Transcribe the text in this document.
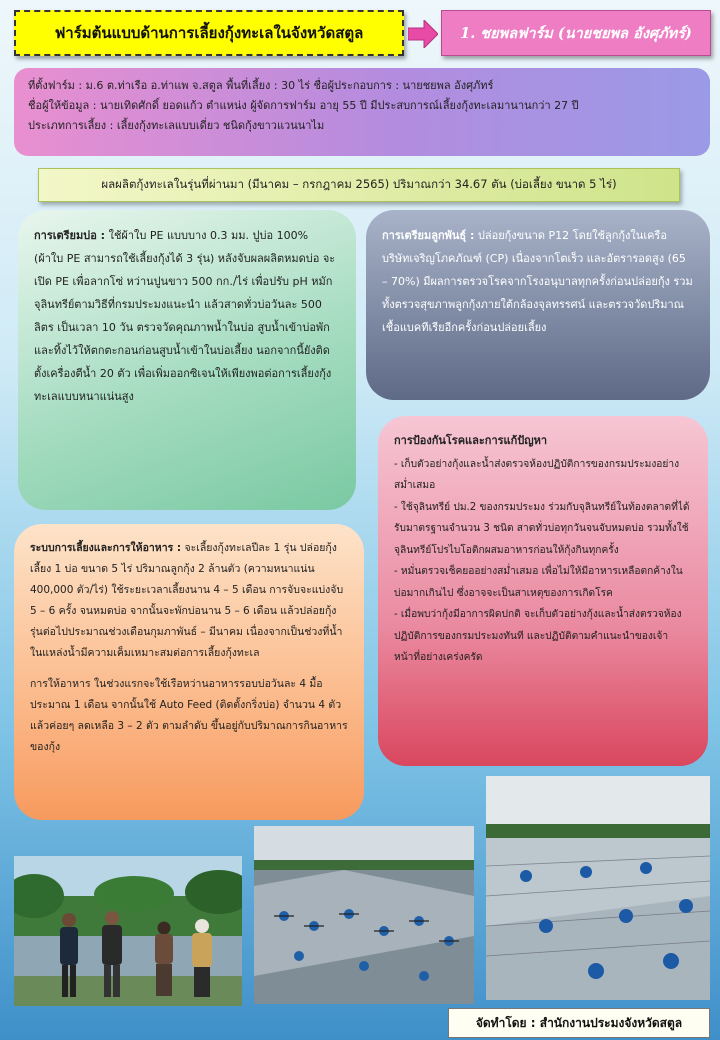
ฟาร์มต้นแบบด้านการเลี้ยงกุ้งทะเลในจังหวัดสตูล	1. ชยพลฟาร์ม (นายชยพล อังศุภัทร์)
ที่ตั้งฟาร์ม : ม.6 ต.ท่าเรือ อ.ท่าแพ จ.สตูล พื้นที่เลี้ยง : 30 ไร่ ชื่อผู้ประกอบการ : นายชยพล อังศุภัทร์
ชื่อผู้ให้ข้อมูล : นายเทิดศักดิ์ ยอดแก้ว ตำแหน่ง ผู้จัดการฟาร์ม อายุ 55 ปี มีประสบการณ์เลี้ยงกุ้งทะเลมานานกว่า 27 ปี
ประเภทการเลี้ยง : เลี้ยงกุ้งทะเลแบบเดี่ยว ชนิดกุ้งขาวแวนนาไม
ผลผลิตกุ้งทะเลในรุ่นที่ผ่านมา (มีนาคม – กรกฎาคม 2565) ปริมาณกว่า 34.67 ตัน (บ่อเลี้ยง ขนาด 5 ไร่)
การเตรียมบ่อ : ใช้ผ้าใบ PE แบบบาง 0.3 มม. ปูบ่อ 100% (ผ้าใบ PE สามารถใช้เลี้ยงกุ้งได้ 3 รุ่น) หลังจับผลผลิตหมดบ่อ จะเปิด PE เพื่อลากโซ่ หว่านปูนขาว 500 กก./ไร่ เพื่อปรับ pH หมักจุลินทรีย์ตามวิธีที่กรมประมงแนะนำ แล้วสาดทั่วบ่อวันละ 500 ลิตร เป็นเวลา 10 วัน ตรวจวัดคุณภาพน้ำในบ่อ สูบน้ำเข้าบ่อพักและทิ้งไว้ให้ตกตะกอนก่อนสูบน้ำเข้าในบ่อเลี้ยง นอกจากนี้ยังติดตั้งเครื่องตีน้ำ 20 ตัว เพื่อเพิ่มออกซิเจนให้เพียงพอต่อการเลี้ยงกุ้งทะเลแบบหนาแน่นสูง
การเตรียมลูกพันธุ์ : ปล่อยกุ้งขนาด P12 โดยใช้ลูกกุ้งในเครือบริษัทเจริญโภคภัณฑ์ (CP) เนื่องจากโตเร็ว และอัตรารอดสูง (65 – 70%) มีผลการตรวจโรคจากโรงอนุบาลทุกครั้งก่อนปล่อยกุ้ง รวมทั้งตรวจสุขภาพลูกกุ้งภายใต้กล้องจุลทรรศน์ และตรวจวัดปริมาณเชื้อแบคทีเรียอีกครั้งก่อนปล่อยเลี้ยง
การป้องกันโรคและการแก้ปัญหา
- เก็บตัวอย่างกุ้งและน้ำส่งตรวจห้องปฏิบัติการของกรมประมงอย่างสม่ำเสมอ
- ใช้จุลินทรีย์ ปม.2 ของกรมประมง ร่วมกับจุลินทรีย์ในท้องตลาดที่ได้รับมาตรฐานจำนวน 3 ชนิด สาดทั่วบ่อทุกวันจนจับหมดบ่อ รวมทั้งใช้จุลินทรีย์โปรไบโอติกผสมอาหารก่อนให้กุ้งกินทุกครั้ง
- หมั่นตรวจเช็คยออย่างสม่ำเสมอ เพื่อไม่ให้มีอาหารเหลือตกค้างในบ่อมากเกินไป ซึ่งอาจจะเป็นสาเหตุของการเกิดโรค
- เมื่อพบว่ากุ้งมีอาการผิดปกติ จะเก็บตัวอย่างกุ้งและน้ำส่งตรวจห้องปฏิบัติการของกรมประมงทันที และปฏิบัติตามคำแนะนำของเจ้าหน้าที่อย่างเคร่งครัด
ระบบการเลี้ยงและการให้อาหาร : จะเลี้ยงกุ้งทะเลปีละ 1 รุ่น ปล่อยกุ้งเลี้ยง 1 บ่อ ขนาด 5 ไร่ ปริมาณลูกกุ้ง 2 ล้านตัว (ความหนาแน่น 400,000 ตัว/ไร่) ใช้ระยะเวลาเลี้ยงนาน 4 – 5 เดือน การจับจะแบ่งจับ 5 – 6 ครั้ง จนหมดบ่อ จากนั้นจะพักบ่อนาน 5 – 6 เดือน แล้วปล่อยกุ้งรุ่นต่อไปประมาณช่วงเดือนกุมภาพันธ์ – มีนาคม เนื่องจากเป็นช่วงที่น้ำในแหล่งน้ำมีความเค็มเหมาะสมต่อการเลี้ยงกุ้งทะเล
การให้อาหาร ในช่วงแรกจะใช้เรือหว่านอาหารรอบบ่อวันละ 4 มื้อ ประมาณ 1 เดือน จากนั้นใช้ Auto Feed (ติดตั้งกริ่งบ่อ) จำนวน 4 ตัว แล้วค่อยๆ ลดเหลือ 3 – 2 ตัว ตามลำดับ ขึ้นอยู่กับปริมาณการกินอาหารของกุ้ง
จัดทำโดย : สำนักงานประมงจังหวัดสตูล
